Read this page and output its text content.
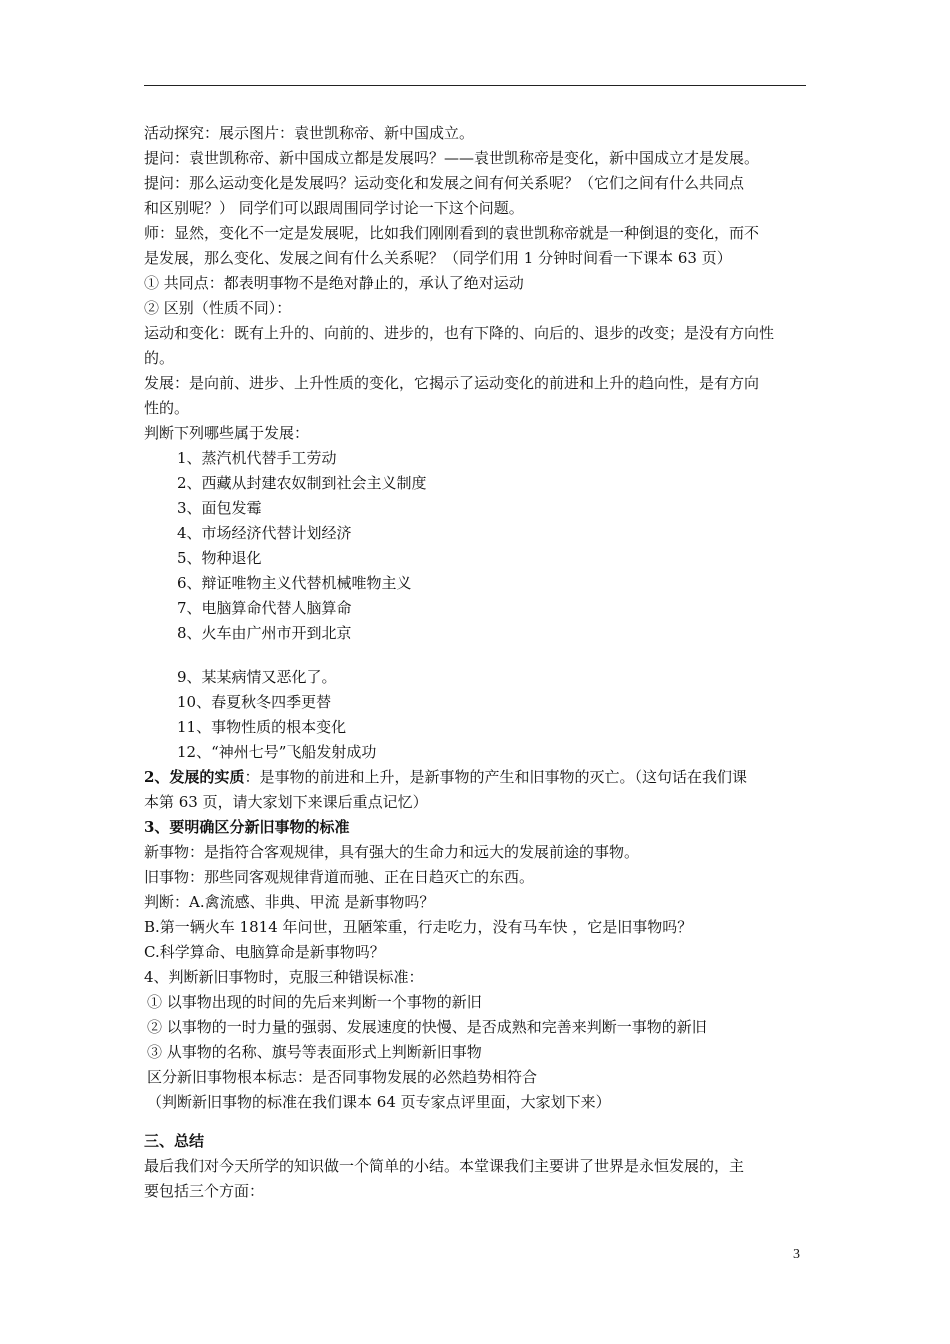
活动探究：展示图片：袁世凯称帝、新中国成立。

提问：袁世凯称帝、新中国成立都是发展吗？——袁世凯称帝是变化，新中国成立才是发展。

提问：那么运动变化是发展吗？运动变化和发展之间有何关系呢？（它们之间有什么共同点

和区别呢？） 同学们可以跟周围同学讨论一下这个问题。

师：显然，变化不一定是发展呢，比如我们刚刚看到的袁世凯称帝就是一种倒退的变化，而不

是发展，那么变化、发展之间有什么关系呢？（同学们用 1 分钟时间看一下课本 63 页）

① 共同点：都表明事物不是绝对静止的，承认了绝对运动

② 区别（性质不同）：

运动和变化：既有上升的、向前的、进步的，也有下降的、向后的、退步的改变；是没有方向性

的。

发展：是向前、进步、上升性质的变化，它揭示了运动变化的前进和上升的趋向性，是有方向

性的。

判断下列哪些属于发展：

1、蒸汽机代替手工劳动

2、西藏从封建农奴制到社会主义制度

3、面包发霉

4、市场经济代替计划经济

5、物种退化

6、辩证唯物主义代替机械唯物主义

7、电脑算命代替人脑算命

8、火车由广州市开到北京

9、某某病情又恶化了。

10、春夏秋冬四季更替

11、事物性质的根本变化

12、“神州七号”飞船发射成功

2、发展的实质：是事物的前进和上升，是新事物的产生和旧事物的灭亡。（这句话在我们课

本第 63 页，请大家划下来课后重点记忆）

3、要明确区分新旧事物的标准

新事物：是指符合客观规律，具有强大的生命力和远大的发展前途的事物。

旧事物：那些同客观规律背道而驰、正在日趋灭亡的东西。

判断：A.禽流感、非典、甲流 是新事物吗？

B.第一辆火车 1814 年问世，丑陋笨重，行走吃力，没有马车快 ，它是旧事物吗？

C.科学算命、电脑算命是新事物吗？

4、判断新旧事物时，克服三种错误标准：

① 以事物出现的时间的先后来判断一个事物的新旧

② 以事物的一时力量的强弱、发展速度的快慢、是否成熟和完善来判断一事物的新旧

③ 从事物的名称、旗号等表面形式上判断新旧事物

区分新旧事物根本标志：是否同事物发展的必然趋势相符合

（判断新旧事物的标准在我们课本 64 页专家点评里面，大家划下来）

三、总结

最后我们对今天所学的知识做一个简单的小结。本堂课我们主要讲了世界是永恒发展的，主

要包括三个方面：

3
